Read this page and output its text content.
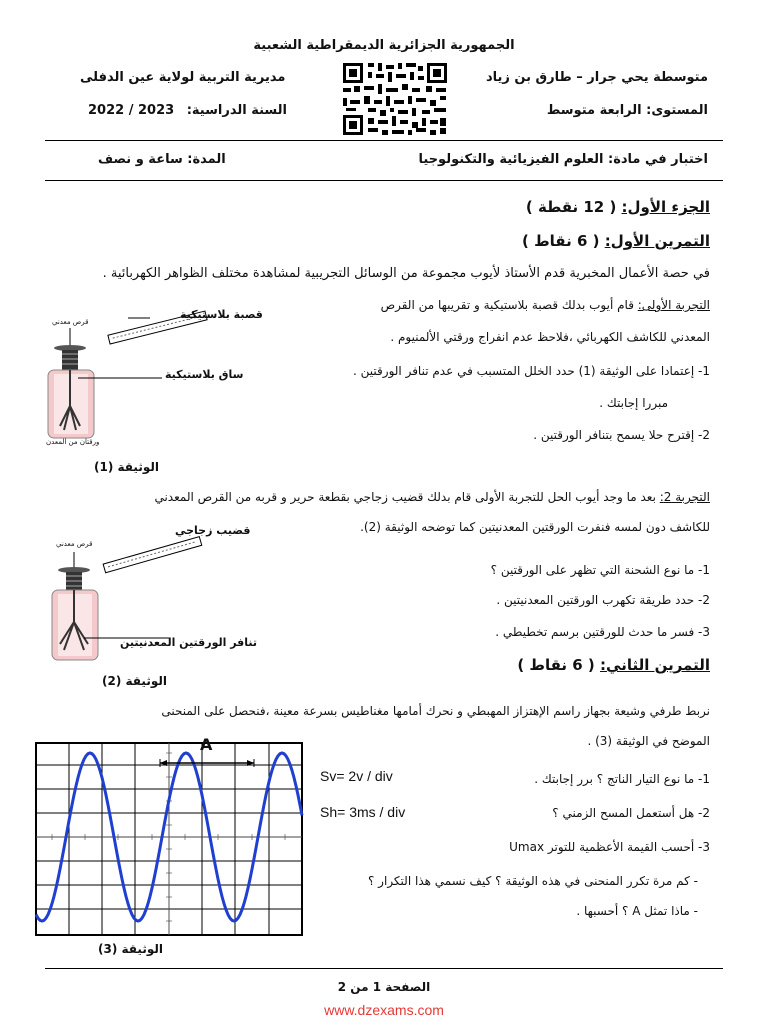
الجمهورية الجزائرية الديمقراطية الشعبية
متوسطة يحي جرار – طارق بن زياد
المستوى: الرابعة متوسط
مديرية التربية لولاية عين الدفلى
السنة الدراسية: 2023 / 2022
اختبار في مادة: العلوم الفيزيائية والتكنولوجيا
المدة: ساعة و نصف
الجزء الأول: ( 12 نقطة )
التمرين الأول: ( 6 نقاط )
في حصة الأعمال المخبرية قدم الأستاذ لأيوب مجموعة من الوسائل التجريبية لمشاهدة مختلف الظواهر الكهربائية .
التجربة الأولى: قام أيوب بدلك قصبة بلاستيكية و تقريبها من القرص
المعدني للكاشف الكهربائي ،فلاحظ عدم انفراج ورقتي الألمنيوم .
1- إعتمادا على الوثيقة (1) حدد الخلل المتسبب في عدم تنافر الورقتين .
مبررا إجابتك .
2- إقترح حلا يسمح بتنافر الورقتين .
قصبة بلاستيكية
ساق بلاستيكية
قرص معدني
ورقتان من المعدن
الوثيقة (1)
التجربة 2: بعد ما وجد أيوب الحل للتجربة الأولى قام بدلك قضيب زجاجي بقطعة حرير و قربه من القرص المعدني
للكاشف دون لمسه فنفرت الورقتين المعدنيتين كما توضحه الوثيقة (2).
1- ما نوع الشحنة التي تظهر على الورقتين ؟
2- حدد طريقة تكهرب الورقتين المعدنيتين .
3- فسر ما حدث للورقتين برسم تخطيطي .
قضيب زجاجي
قرص معدني
تنافر الورقتين المعدنيتين
الوثيقة (2)
التمرين الثاني: ( 6 نقاط )
نربط طرفي وشيعة بجهاز راسم الإهتزاز المهبطي و نحرك أمامها مغناطيس بسرعة معينة ،فنحصل على المنحنى
الموضح في الوثيقة (3) .
A
Sv= 2v / div
Sh= 3ms / div
1- ما نوع التيار الناتج ؟ برر إجابتك .
2- هل أستعمل المسح الزمني ؟
3- أحسب القيمة الأعظمية للتوتر Umax
- كم مرة تكرر المنحنى في هذه الوثيقة ؟ كيف نسمي هذا التكرار ؟
- ماذا تمثل A ؟ أحسبها .
الوثيقة (3)
الصفحة 1 من 2
www.dzexams.com
